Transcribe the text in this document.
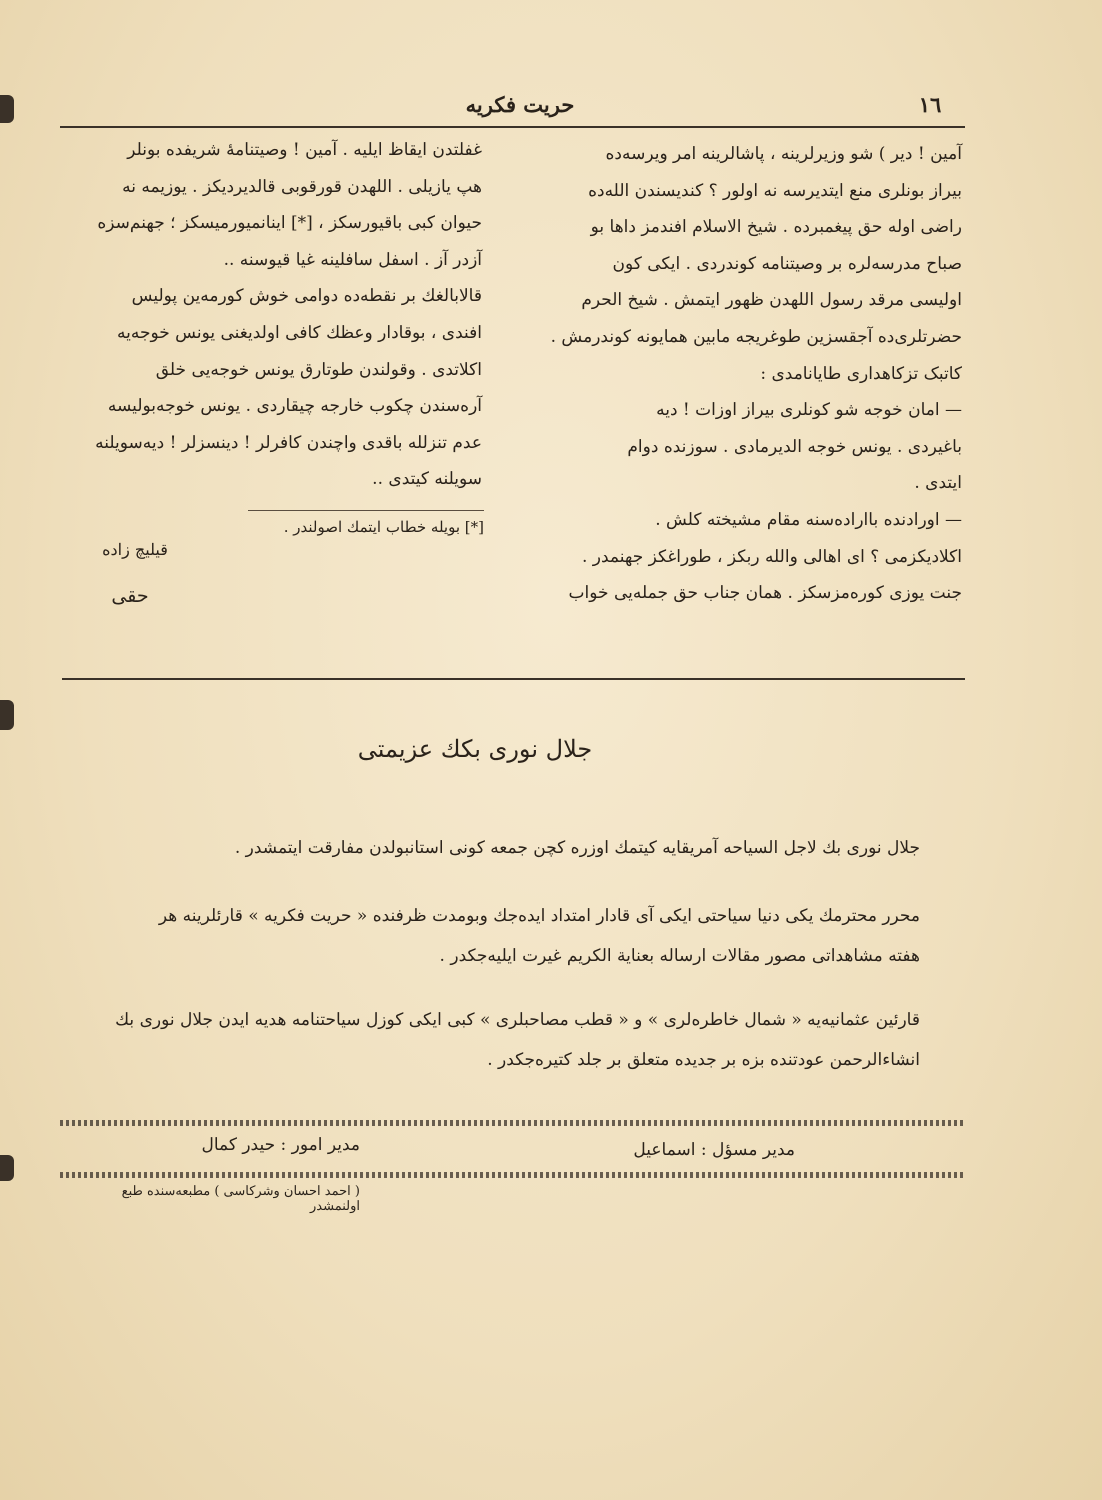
حریت فکریه	١٦

آمین ! دیر ) شو وزیرلرینه ، پاشالرینه امر ویرسه‌ده

بیراز بونلری منع ایتدیرسه نه اولور ؟ کندیسندن الله‌ده

راضی اوله حق پیغمبرده . شیخ الاسلام افندمز داها بو

صباح مدرسه‌لره بر وصیتنامه کوندردی . ایکی کون

اولیسی مرقد رسول اللهدن ظهور ایتمش . شیخ الحرم

حضرتلری‌ده آجقسزین طوغریجه مابین همایونه کوندرمش .

کاتبک تزکاهداری طایانامدی :

— امان خوجه شو کونلری بیراز اوزات ! دیه

باغیردی . یونس خوجه الدیرمادی . سوزنده دوام

ایتدی .

— اورادنده بااراده‌سنه مقام مشیخته کلش .

اکلادیکزمی ؟ ای اهالی والله ربکز ، طوراغکز جهنمدر .

جنت یوزی کوره‌مزسکز . همان جناب حق جمله‌یی خواب

غفلتدن ایقاظ ایلیه . آمین ! وصیتنامهٔ شریفده بونلر

هپ یازیلی . اللهدن قورقوبی قالدیردیکز . یوزیمه نه

حیوان کبی باقیورسکز ، [*] اینانمیورمیسکز ؛ جهنم‌سزه

آزدر آز . اسفل سافلینه غیا قیوسنه ..

قالابالغك بر نقطه‌ده دوامی خوش کورمه‌ین پولیس

افندی ، بوقادار وعظك کافی اولدیغنی یونس خوجه‌یه

اکلاتدی . وقولندن طوتارق یونس خوجه‌یی خلق

آره‌سندن چکوب خارجه چیقاردی . یونس خوجه‌بولیسه

عدم تنزلله باقدی واچندن کافرلر ! دینسزلر ! دیه‌سویلنه

سویلنه کیتدی ..

[*] بویله خطاب ایتمك اصولندر .
قیلیچ زاده
حقی
جلال نوری بکك عزیمتی

جلال نوری بك لاجل السیاحه آمریقایه کیتمك اوزره کچن جمعه کونی استانبولدن مفارقت ایتمشدر .

محرر محترمك یکی دنیا سیاحتی ایکی آی قادار امتداد ایده‌جك وبومدت ظرفنده « حریت فکریه » قارئلرینه هر

هفته مشاهداتی مصور مقالات ارساله بعنایة الکریم غیرت ایلیه‌جکدر .

قارئین عثمانیه‌یه « شمال خاطره‌لری » و « قطب مصاحبلری » کبی ایکی کوزل سیاحتنامه هدیه ایدن جلال نوری بك

انشاءالرحمن عودتنده بزه بر جدیده متعلق بر جلد کتیره‌جکدر .

مدیر مسؤل : اسماعیل
مدیر امور : حیدر کمال
( احمد احسان وشرکاسی ) مطبعه‌سنده طبع اولنمشدر
